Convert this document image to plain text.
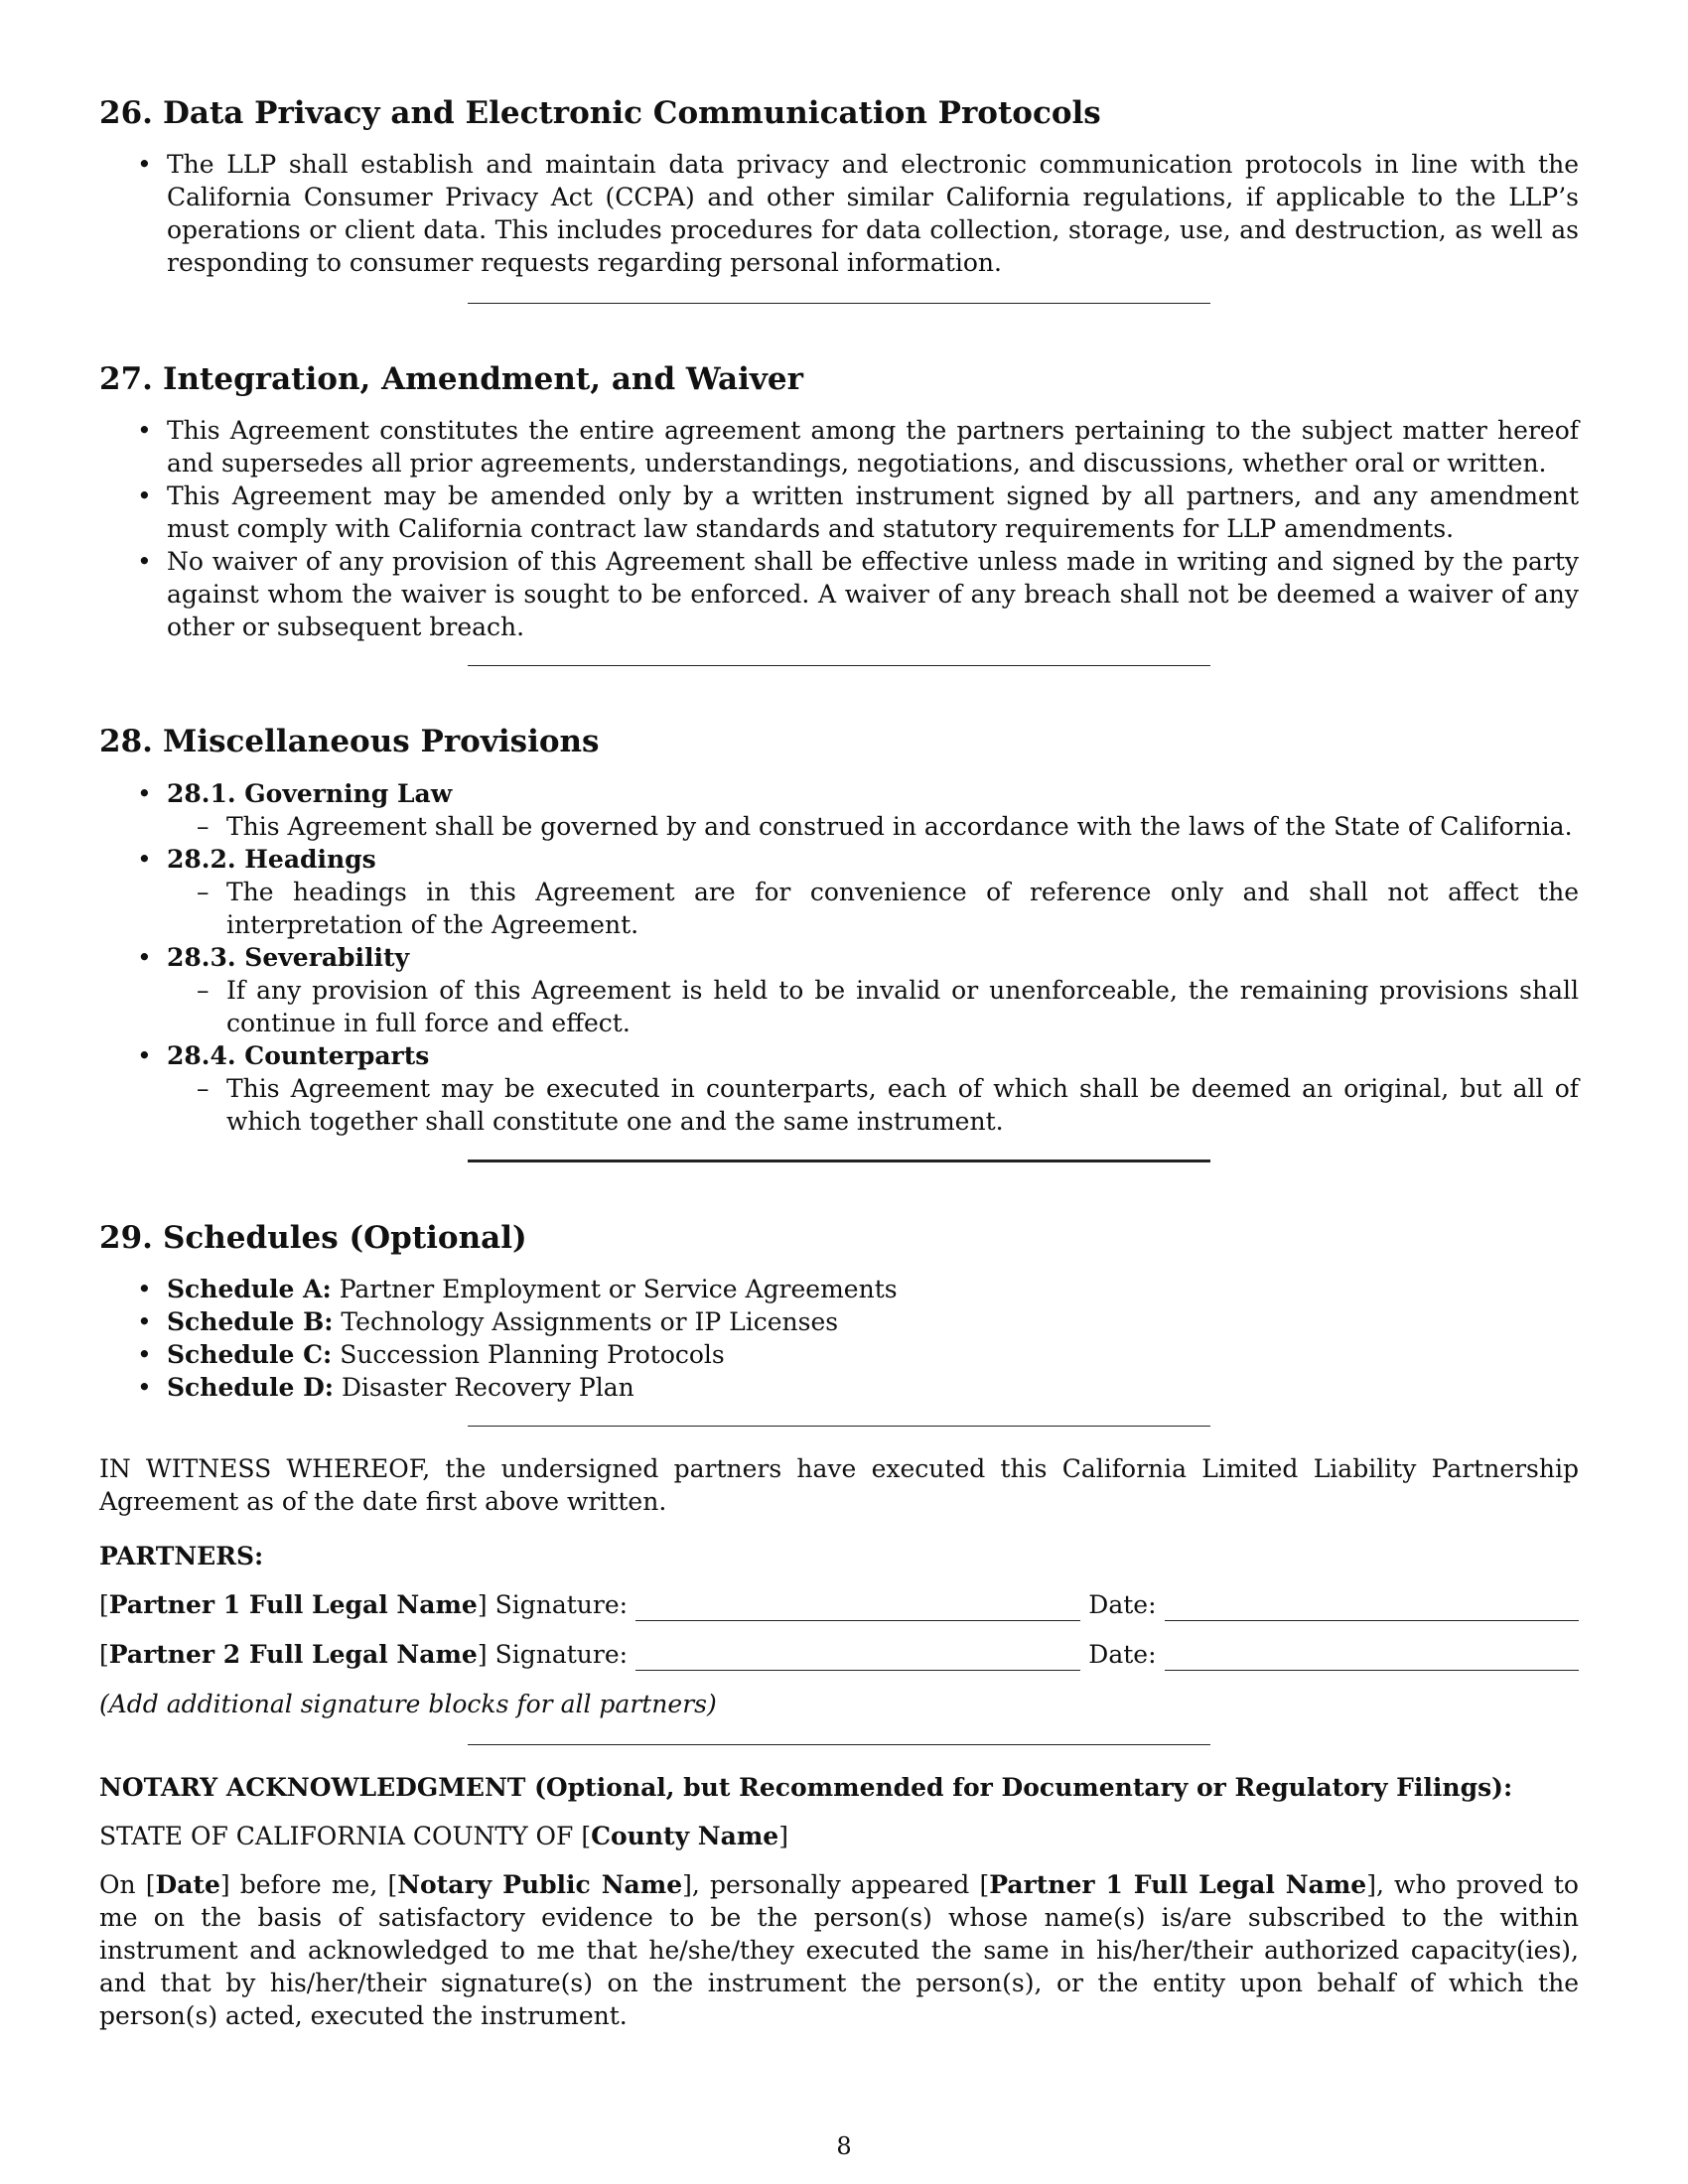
26. Data Privacy and Electronic Communication Protocols
• The LLP shall establish and maintain data privacy and electronic communication protocols in line with the California Consumer Privacy Act (CCPA) and other similar California regulations, if applicable to the LLP’s operations or client data. This includes procedures for data collection, storage, use, and destruction, as well as responding to consumer requests regarding personal information.
27. Integration, Amendment, and Waiver
• This Agreement constitutes the entire agreement among the partners pertaining to the subject matter hereof and supersedes all prior agreements, understandings, negotiations, and discussions, whether oral or written.
• This Agreement may be amended only by a written instrument signed by all partners, and any amendment must comply with California contract law standards and statutory requirements for LLP amendments.
• No waiver of any provision of this Agreement shall be effective unless made in writing and signed by the party against whom the waiver is sought to be enforced. A waiver of any breach shall not be deemed a waiver of any other or subsequent breach.
28. Miscellaneous Provisions
• 28.1. Governing Law
– This Agreement shall be governed by and construed in accordance with the laws of the State of California.
• 28.2. Headings
– The headings in this Agreement are for convenience of reference only and shall not affect the interpretation of the Agreement.
• 28.3. Severability
– If any provision of this Agreement is held to be invalid or unenforceable, the remaining provisions shall continue in full force and effect.
• 28.4. Counterparts
– This Agreement may be executed in counterparts, each of which shall be deemed an original, but all of which together shall constitute one and the same instrument.
29. Schedules (Optional)
• Schedule A: Partner Employment or Service Agreements
• Schedule B: Technology Assignments or IP Licenses
• Schedule C: Succession Planning Protocols
• Schedule D: Disaster Recovery Plan

IN WITNESS WHEREOF, the undersigned partners have executed this California Limited Liability Partnership Agreement as of the date first above written.

PARTNERS:

[Partner 1 Full Legal Name] Signature:	Date:
[Partner 2 Full Legal Name] Signature:	Date:

(Add additional signature blocks for all partners)

NOTARY ACKNOWLEDGMENT (Optional, but Recommended for Documentary or Regulatory Filings):

STATE OF CALIFORNIA COUNTY OF [County Name]

On [Date] before me, [Notary Public Name], personally appeared [Partner 1 Full Legal Name], who proved to me on the basis of satisfactory evidence to be the person(s) whose name(s) is/are subscribed to the within instrument and acknowledged to me that he/she/they executed the same in his/her/their authorized capacity(ies), and that by his/her/their signature(s) on the instrument the person(s), or the entity upon behalf of which the person(s) acted, executed the instrument.

8
